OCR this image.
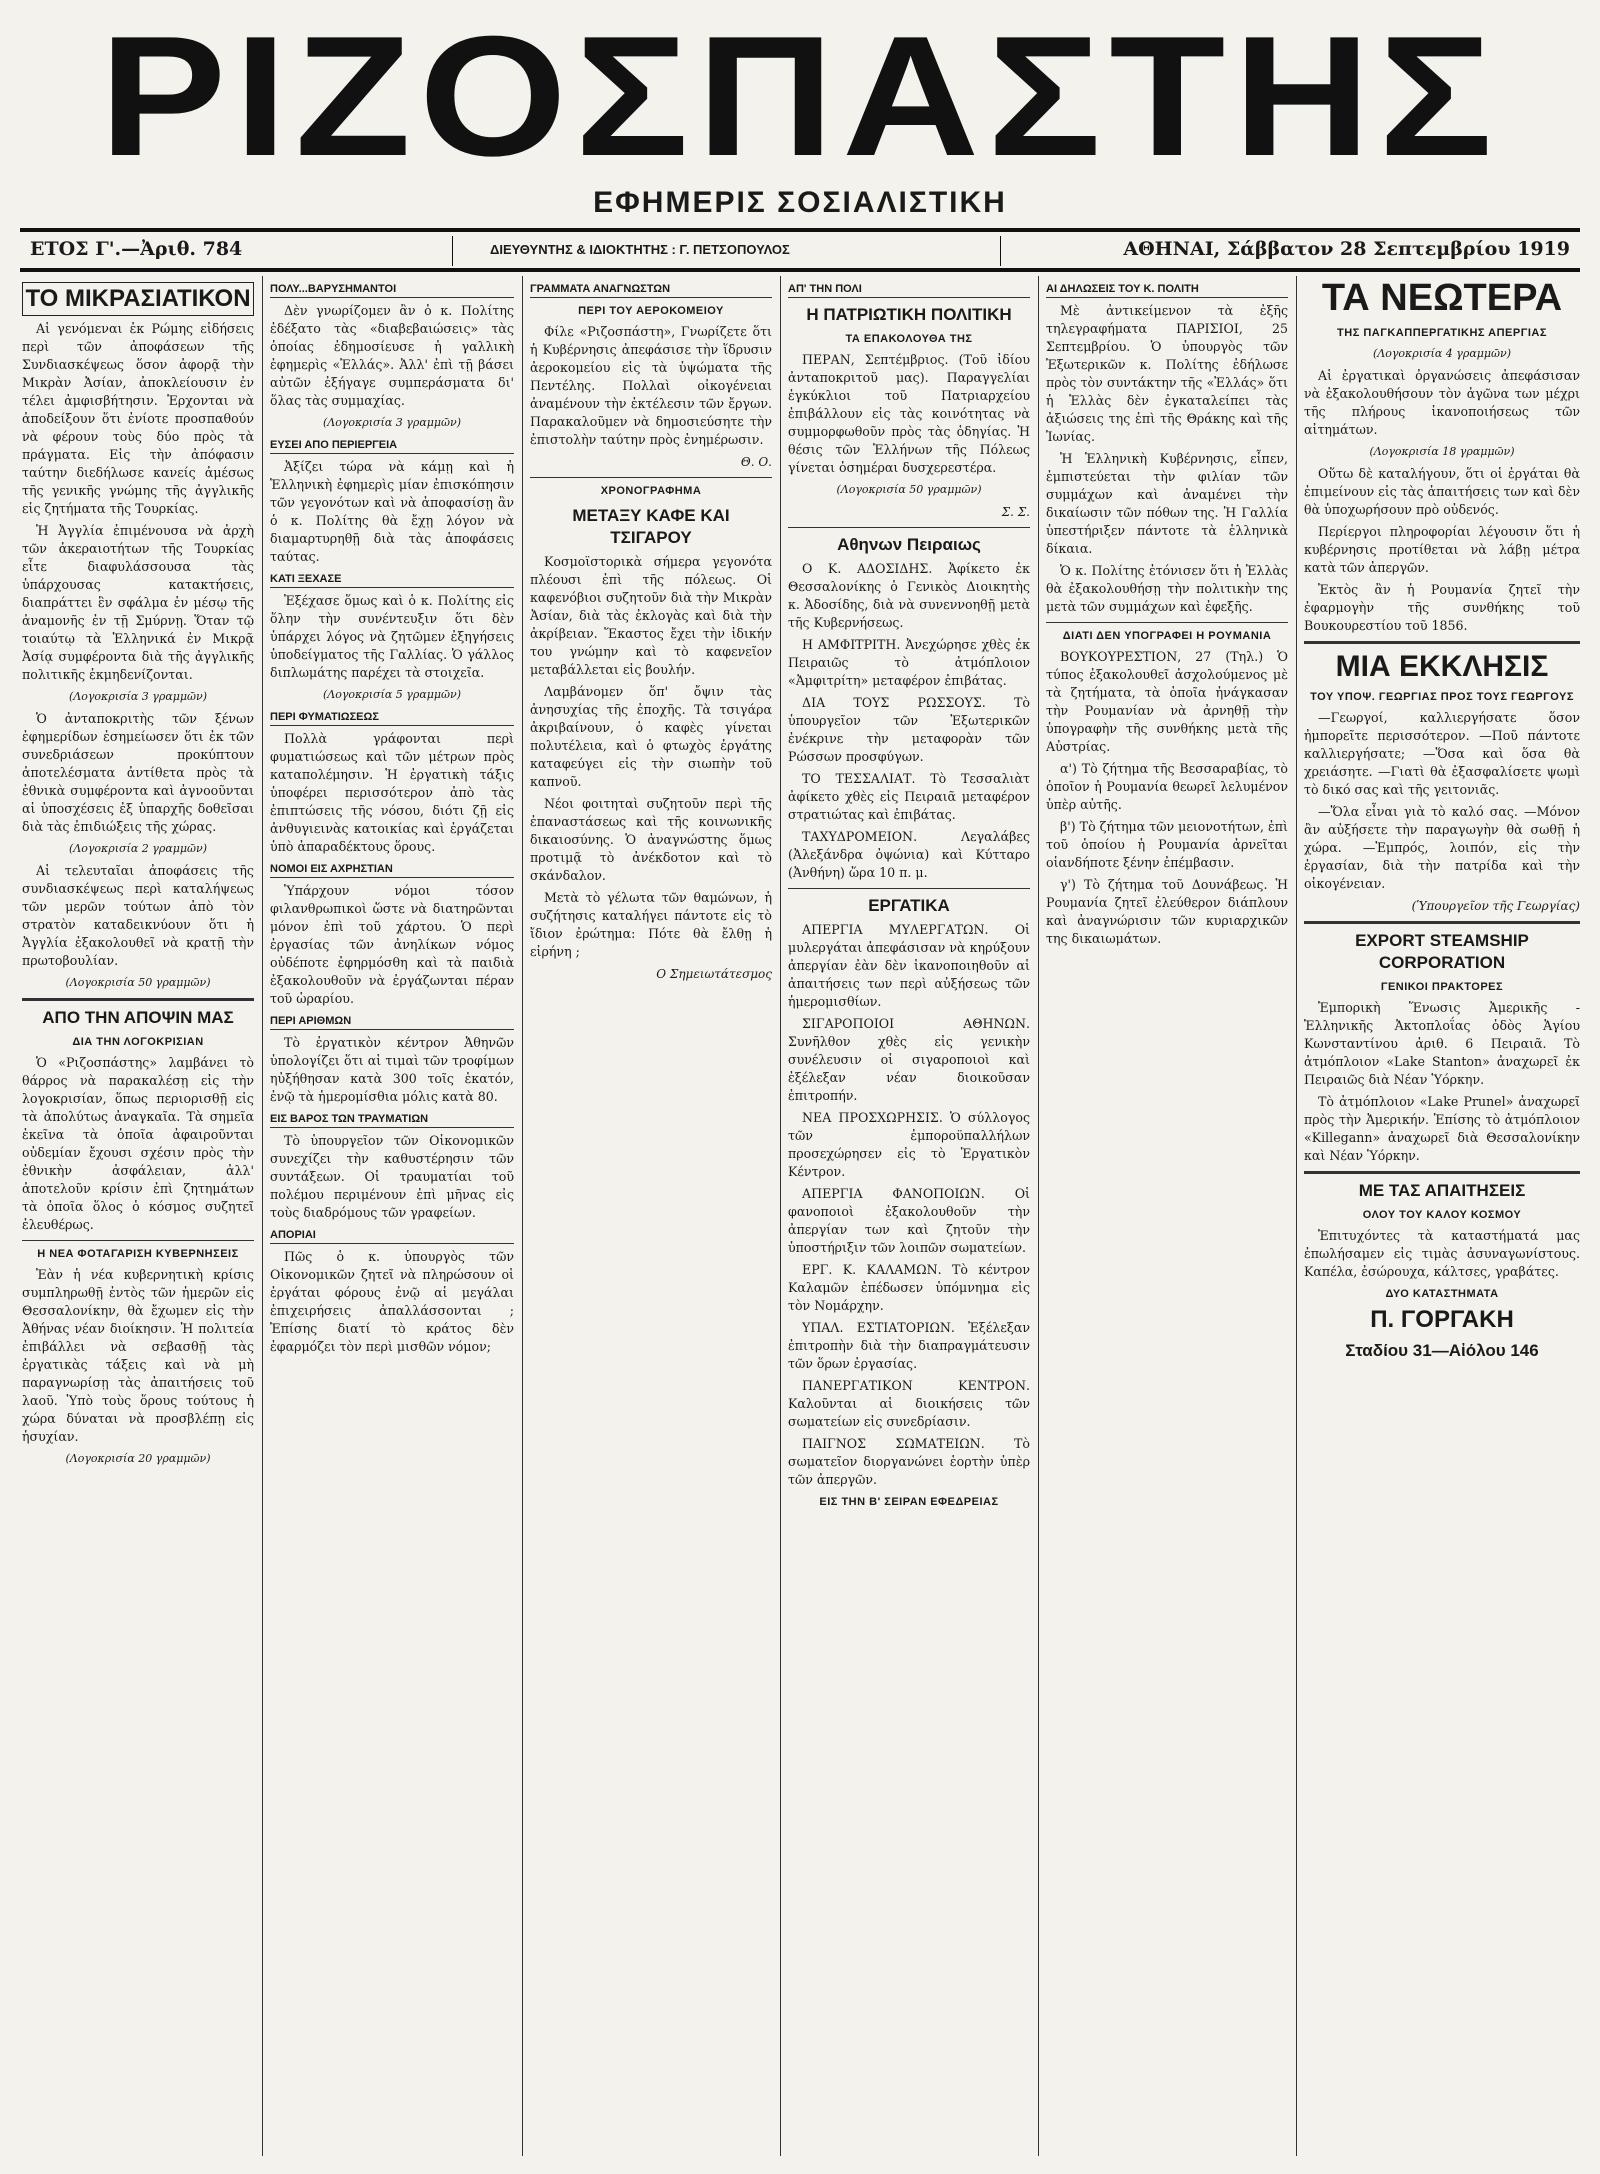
ΡΙΖΟΣΠΑΣΤΗΣ
ΕΦΗΜΕΡΙΣ ΣΟΣΙΑΛΙΣΤΙΚΗ
ΕΤΟΣ Γ'.—Ἀριθ. 784	ΔΙΕΥΘΥΝΤΗΣ & ΙΔΙΟΚΤΗΤΗΣ : Γ. ΠΕΤΣΟΠΟΥΛΟΣ	ΑΘΗΝΑΙ, Σάββατον 28 Σεπτεμβρίου 1919
ΤΟ ΜΙΚΡΑΣΙΑΤΙΚΟΝ

Αἱ γενόμεναι ἐκ Ρώμης εἰδήσεις περὶ τῶν ἀποφάσεων τῆς Συνδιασκέψεως ὅσον ἀφορᾷ τὴν Μικρὰν Ἀσίαν, ἀποκλείουσιν ἐν τέλει ἀμφισβήτησιν. Ἐρχονται νὰ ἀποδείξουν ὅτι ἐνίοτε προσπαθούν νὰ φέρουν τοὺς δύο πρὸς τὰ πράγματα. Εἰς τὴν ἀπόφασιν ταύτην διεδήλωσε κανείς ἀμέσως τῆς γενικῆς γνώμης τῆς ἀγγλικῆς εἰς ζητήματα τῆς Τουρκίας.

Ἡ Ἀγγλία ἐπιμένουσα νὰ ἀρχὴ τῶν ἀκεραιοτήτων τῆς Τουρκίας εἶτε διαφυλάσσουσα τὰς ὑπάρχουσας κατακτήσεις, διαπράττει ἓν σφάλμα ἐν μέσῳ τῆς ἀναμονῆς ἐν τῇ Σμύρνῃ. Ὅταν τῷ τοιαύτῳ τὰ Ἑλληνικά ἐν Μικρᾷ Ἀσίᾳ συμφέροντα διὰ τῆς ἀγγλικῆς πολιτικῆς ἐκμηδενίζονται.

(Λογοκρισία 3 γραμμῶν)

Ὁ ἀνταποκριτὴς τῶν ξένων ἐφημερίδων ἐσημείωσεν ὅτι ἐκ τῶν συνεδριάσεων προκύπτουν ἀποτελέσματα ἀντίθετα πρὸς τὰ ἐθνικὰ συμφέροντα καὶ ἀγνοοῦνται αἱ ὑποσχέσεις ἐξ ὑπαρχῆς δοθεῖσαι διὰ τὰς ἐπιδιώξεις τῆς χώρας.

(Λογοκρισία 2 γραμμῶν)

Αἱ τελευταῖαι ἀποφάσεις τῆς συνδιασκέψεως περὶ καταλήψεως τῶν μερῶν τούτων ἀπὸ τὸν στρατὸν καταδεικνύουν ὅτι ἡ Ἀγγλία ἐξακολουθεῖ νὰ κρατῇ τὴν πρωτοβουλίαν.

(Λογοκρισία 50 γραμμῶν)

ΑΠΟ ΤΗΝ ΑΠΟΨΙΝ ΜΑΣ
ΔΙΑ ΤΗΝ ΛΟΓΟΚΡΙΣΙΑΝ

Ὁ «Ριζοσπάστης» λαμβάνει τὸ θάρρος νὰ παρακαλέσῃ εἰς τὴν λογοκρισίαν, ὅπως περιορισθῇ εἰς τὰ ἀπολύτως ἀναγκαῖα. Τὰ σημεῖα ἐκεῖνα τὰ ὁποῖα ἀφαιροῦνται οὐδεμίαν ἔχουσι σχέσιν πρὸς τὴν ἐθνικὴν ἀσφάλειαν, ἀλλ' ἀποτελοῦν κρίσιν ἐπὶ ζητημάτων τὰ ὁποῖα ὅλος ὁ κόσμος συζητεῖ ἐλευθέρως.

Η ΝΕΑ ΦΟΤΑΓΑΡΙΣΗ ΚΥΒΕΡΝΗΣΕΙΣ

Ἐὰν ἡ νέα κυβερνητικὴ κρίσις συμπληρωθῇ ἐντὸς τῶν ἡμερῶν εἰς Θεσσαλονίκην, θὰ ἔχωμεν εἰς τὴν Ἀθήνας νέαν διοίκησιν. Ἡ πολιτεία ἐπιβάλλει νὰ σεβασθῇ τὰς ἐργατικὰς τάξεις καὶ νὰ μὴ παραγνωρίσῃ τὰς ἀπαιτήσεις τοῦ λαοῦ. Ὑπὸ τοὺς ὅρους τούτους ἡ χώρα δύναται νὰ προσβλέπῃ εἰς ἡσυχίαν.

(Λογοκρισία 20 γραμμῶν)

ΠΟΛΥ...ΒΑΡΥΣΗΜΑΝΤΟΙ

Δὲν γνωρίζομεν ἂν ὁ κ. Πολίτης ἐδέξατο τὰς «διαβεβαιώσεις» τὰς ὁποίας ἐδημοσίευσε ἡ γαλλικὴ ἐφημερὶς «Ἐλλάς». Ἀλλ' ἐπὶ τῇ βάσει αὐτῶν ἐξήγαγε συμπεράσματα δι' ὅλας τὰς συμμαχίας.

(Λογοκρισία 3 γραμμῶν)

ΕΥΣΕΙ ΑΠΟ ΠΕΡΙΕΡΓΕΙΑ

Ἀξίζει τώρα νὰ κάμῃ καὶ ἡ Ἑλληνικὴ ἐφημερὶς μίαν ἐπισκόπησιν τῶν γεγονότων καὶ νὰ ἀποφασίσῃ ἂν ὁ κ. Πολίτης θὰ ἔχῃ λόγον νὰ διαμαρτυρηθῇ διὰ τὰς ἀποφάσεις ταύτας.

ΚΑΤΙ ΞΕΧΑΣΕ

Ἐξέχασε ὅμως καὶ ὁ κ. Πολίτης εἰς ὅλην τὴν συνέντευξιν ὅτι δὲν ὑπάρχει λόγος νὰ ζητῶμεν ἐξηγήσεις ὑποδείγματος τῆς Γαλλίας. Ὁ γάλλος διπλωμάτης παρέχει τὰ στοιχεῖα.

(Λογοκρισία 5 γραμμῶν)

ΠΕΡΙ ΦΥΜΑΤΙΩΣΕΩΣ

Πολλὰ γράφονται περὶ φυματιώσεως καὶ τῶν μέτρων πρὸς καταπολέμησιν. Ἡ ἐργατικὴ τάξις ὑποφέρει περισσότερον ἀπὸ τὰς ἐπιπτώσεις τῆς νόσου, διότι ζῇ εἰς ἀνθυγιεινὰς κατοικίας καὶ ἐργάζεται ὑπὸ ἀπαραδέκτους ὅρους.

ΝΟΜΟΙ ΕΙΣ ΑΧΡΗΣΤΙΑΝ

Ὑπάρχουν νόμοι τόσον φιλανθρωπικοὶ ὥστε νὰ διατηρῶνται μόνον ἐπὶ τοῦ χάρτου. Ὁ περὶ ἐργασίας τῶν ἀνηλίκων νόμος οὐδέποτε ἐφηρμόσθη καὶ τὰ παιδιὰ ἐξακολουθοῦν νὰ ἐργάζωνται πέραν τοῦ ὡραρίου.

ΠΕΡΙ ΑΡΙΘΜΩΝ

Τὸ ἐργατικὸν κέντρον Ἀθηνῶν ὑπολογίζει ὅτι αἱ τιμαὶ τῶν τροφίμων ηὐξήθησαν κατὰ 300 τοῖς ἑκατόν, ἐνῷ τὰ ἡμερομίσθια μόλις κατὰ 80.

ΕΙΣ ΒΑΡΟΣ ΤΩΝ ΤΡΑΥΜΑΤΙΩΝ

Τὸ ὑπουργεῖον τῶν Οἰκονομικῶν συνεχίζει τὴν καθυστέρησιν τῶν συντάξεων. Οἱ τραυματίαι τοῦ πολέμου περιμένουν ἐπὶ μῆνας εἰς τοὺς διαδρόμους τῶν γραφείων.

ΑΠΟΡΙΑΙ

Πῶς ὁ κ. ὑπουργὸς τῶν Οἰκονομικῶν ζητεῖ νὰ πληρώσουν οἱ ἐργάται φόρους ἐνῷ αἱ μεγάλαι ἐπιχειρήσεις ἀπαλλάσσονται ; Ἐπίσης διατί τὸ κράτος δὲν ἐφαρμόζει τὸν περὶ μισθῶν νόμον;

ΓΡΑΜΜΑΤΑ ΑΝΑΓΝΩΣΤΩΝ
ΠΕΡΙ ΤΟΥ ΑΕΡΟΚΟΜΕΙΟΥ

Φίλε «Ριζοσπάστη», Γνωρίζετε ὅτι ἡ Κυβέρνησις ἀπεφάσισε τὴν ἵδρυσιν ἀεροκομείου εἰς τὰ ὑψώματα τῆς Πεντέλης. Πολλαὶ οἰκογένειαι ἀναμένουν τὴν ἐκτέλεσιν τῶν ἔργων. Παρακαλοῦμεν νὰ δημοσιεύσητε τὴν ἐπιστολὴν ταύτην πρὸς ἐνημέρωσιν.

Θ. Ο.

ΧΡΟΝΟΓΡΑΦΗΜΑ
ΜΕΤΑΞΥ ΚΑΦΕ ΚΑΙ ΤΣΙΓΑΡΟΥ

Κοσμοϊστορικὰ σήμερα γεγονότα πλέουσι ἐπὶ τῆς πόλεως. Οἱ καφενόβιοι συζητοῦν διὰ τὴν Μικρὰν Ἀσίαν, διὰ τὰς ἐκλογὰς καὶ διὰ τὴν ἀκρίβειαν. Ἕκαστος ἔχει τὴν ἰδικήν του γνώμην καὶ τὸ καφενεῖον μεταβάλλεται εἰς βουλήν.

Λαμβάνομεν ὅπ' ὄψιν τὰς ἀνησυχίας τῆς ἐποχῆς. Τὰ τσιγάρα ἀκριβαίνουν, ὁ καφὲς γίνεται πολυτέλεια, καὶ ὁ φτωχὸς ἐργάτης καταφεύγει εἰς τὴν σιωπὴν τοῦ καπνοῦ.

Νέοι φοιτηταὶ συζητοῦν περὶ τῆς ἐπαναστάσεως καὶ τῆς κοινωνικῆς δικαιοσύνης. Ὁ ἀναγνώστης ὅμως προτιμᾷ τὸ ἀνέκδοτον καὶ τὸ σκάνδαλον.

Μετὰ τὸ γέλωτα τῶν θαμώνων, ἡ συζήτησις καταλήγει πάντοτε εἰς τὸ ἴδιον ἐρώτημα: Πότε θὰ ἔλθῃ ἡ εἰρήνη ;

Ο Σημειωτάτεσμος

ΑΠ' ΤΗΝ ΠΟΛΙ
Η ΠΑΤΡΙΩΤΙΚΗ ΠΟΛΙΤΙΚΗ
ΤΑ ΕΠΑΚΟΛΟΥΘΑ ΤΗΣ

ΠΕΡΑΝ, Σεπτέμβριος. (Τοῦ ἰδίου ἀνταποκριτοῦ μας). Παραγγελίαι ἐγκύκλιοι τοῦ Πατριαρχείου ἐπιβάλλουν εἰς τὰς κοινότητας νὰ συμμορφωθοῦν πρὸς τὰς ὁδηγίας. Ἡ θέσις τῶν Ἑλλήνων τῆς Πόλεως γίνεται ὁσημέραι δυσχερεστέρα.

(Λογοκρισία 50 γραμμῶν)

Σ. Σ.

Αθηνων Πειραιως

Ο Κ. ΑΔΟΣΙΔΗΣ. Ἀφίκετο ἐκ Θεσσαλονίκης ὁ Γενικὸς Διοικητὴς κ. Ἀδοσίδης, διὰ νὰ συνεννοηθῇ μετὰ τῆς Κυβερνήσεως.

Η ΑΜΦΙΤΡΙΤΗ. Ἀνεχώρησε χθὲς ἐκ Πειραιῶς τὸ ἀτμόπλοιον «Ἀμφιτρίτη» μεταφέρον ἐπιβάτας.

ΔΙΑ ΤΟΥΣ ΡΩΣΣΟΥΣ. Τὸ ὑπουργεῖον τῶν Ἐξωτερικῶν ἐνέκρινε τὴν μεταφορὰν τῶν Ρώσσων προσφύγων.

ΤΟ ΤΕΣΣΑΛΙΑΤ. Τὸ Τεσσαλιὰτ ἀφίκετο χθὲς εἰς Πειραιᾶ μεταφέρον στρατιώτας καὶ ἐπιβάτας.

ΤΑΧΥΔΡΟΜΕΙΟΝ. Λεγαλάβες (Ἀλεξάνδρα ὀψώνια) καὶ Κύτταρο (Ἀνθήνη) ὥρα 10 π. μ.

ΕΡΓΑΤΙΚΑ

ΑΠΕΡΓΙΑ ΜΥΛΕΡΓΑΤΩΝ. Οἱ μυλεργάται ἀπεφάσισαν νὰ κηρύξουν ἀπεργίαν ἐὰν δὲν ἱκανοποιηθοῦν αἱ ἀπαιτήσεις των περὶ αὐξήσεως τῶν ἡμερομισθίων.

ΣΙΓΑΡΟΠΟΙΟΙ ΑΘΗΝΩΝ. Συνῆλθον χθὲς εἰς γενικὴν συνέλευσιν οἱ σιγαροποιοὶ καὶ ἐξέλεξαν νέαν διοικοῦσαν ἐπιτροπήν.

ΝΕΑ ΠΡΟΣΧΩΡΗΣΙΣ. Ὁ σύλλογος τῶν ἐμποροϋπαλλήλων προσεχώρησεν εἰς τὸ Ἐργατικὸν Κέντρον.

ΑΠΕΡΓΙΑ ΦΑΝΟΠΟΙΩΝ. Οἱ φανοποιοὶ ἐξακολουθοῦν τὴν ἀπεργίαν των καὶ ζητοῦν τὴν ὑποστήριξιν τῶν λοιπῶν σωματείων.

ΕΡΓ. Κ. ΚΑΛΑΜΩΝ. Τὸ κέντρον Καλαμῶν ἐπέδωσεν ὑπόμνημα εἰς τὸν Νομάρχην.

ΥΠΑΛ. ΕΣΤΙΑΤΟΡΙΩΝ. Ἐξέλεξαν ἐπιτροπὴν διὰ τὴν διαπραγμάτευσιν τῶν ὅρων ἐργασίας.

ΠΑΝΕΡΓΑΤΙΚΟΝ ΚΕΝΤΡΟΝ. Καλοῦνται αἱ διοικήσεις τῶν σωματείων εἰς συνεδρίασιν.

ΠΑΙΓΝΟΣ ΣΩΜΑΤΕΙΩΝ. Τὸ σωματεῖον διοργανώνει ἑορτὴν ὑπὲρ τῶν ἀπεργῶν.

ΕΙΣ ΤΗΝ Β' ΣΕΙΡΑΝ ΕΦΕΔΡΕΙΑΣ
ΑΙ ΔΗΛΩΣΕΙΣ ΤΟΥ Κ. ΠΟΛΙΤΗ

Μὲ ἀντικείμενον τὰ ἐξῆς τηλεγραφήματα ΠΑΡΙΣΙΟΙ, 25 Σεπτεμβρίου. Ὁ ὑπουργὸς τῶν Ἐξωτερικῶν κ. Πολίτης ἐδήλωσε πρὸς τὸν συντάκτην τῆς «Ἐλλάς» ὅτι ἡ Ἑλλὰς δὲν ἐγκαταλείπει τὰς ἀξιώσεις της ἐπὶ τῆς Θράκης καὶ τῆς Ἰωνίας.

Ἡ Ἑλληνικὴ Κυβέρνησις, εἶπεν, ἐμπιστεύεται τὴν φιλίαν τῶν συμμάχων καὶ ἀναμένει τὴν δικαίωσιν τῶν πόθων της. Ἡ Γαλλία ὑπεστήριξεν πάντοτε τὰ ἑλληνικὰ δίκαια.

Ὁ κ. Πολίτης ἐτόνισεν ὅτι ἡ Ἑλλὰς θὰ ἐξακολουθήσῃ τὴν πολιτικὴν της μετὰ τῶν συμμάχων καὶ ἐφεξῆς.

ΔΙΑΤΙ ΔΕΝ ΥΠΟΓΡΑΦΕΙ Η ΡΟΥΜΑΝΙΑ

ΒΟΥΚΟΥΡΕΣΤΙΟΝ, 27 (Τηλ.) Ὁ τύπος ἐξακολουθεῖ ἀσχολούμενος μὲ τὰ ζητήματα, τὰ ὁποῖα ἠνάγκασαν τὴν Ρουμανίαν νὰ ἀρνηθῇ τὴν ὑπογραφὴν τῆς συνθήκης μετὰ τῆς Αὐστρίας.

α') Τὸ ζήτημα τῆς Βεσσαραβίας, τὸ ὁποῖον ἡ Ρουμανία θεωρεῖ λελυμένον ὑπὲρ αὐτῆς.

β') Τὸ ζήτημα τῶν μειονοτήτων, ἐπὶ τοῦ ὁποίου ἡ Ρουμανία ἀρνεῖται οἱανδήποτε ξένην ἐπέμβασιν.

γ') Τὸ ζήτημα τοῦ Δουνάβεως. Ἡ Ρουμανία ζητεῖ ἐλεύθερον διάπλουν καὶ ἀναγνώρισιν τῶν κυριαρχικῶν της δικαιωμάτων.

ΤΑ ΝΕΩΤΕΡΑ
ΤΗΣ ΠΑΓΚΑΠΠΕΡΓΑΤΙΚΗΣ ΑΠΕΡΓΙΑΣ

(Λογοκρισία 4 γραμμῶν)

Αἱ ἐργατικαὶ ὀργανώσεις ἀπεφάσισαν νὰ ἐξακολουθήσουν τὸν ἀγῶνα των μέχρι τῆς πλήρους ἱκανοποιήσεως τῶν αἰτημάτων.

(Λογοκρισία 18 γραμμῶν)

Οὕτω δὲ καταλήγουν, ὅτι οἱ ἐργάται θὰ ἐπιμείνουν εἰς τὰς ἀπαιτήσεις των καὶ δὲν θὰ ὑποχωρήσουν πρὸ οὐδενός.

Περίεργοι πληροφορίαι λέγουσιν ὅτι ἡ κυβέρνησις προτίθεται νὰ λάβῃ μέτρα κατὰ τῶν ἀπεργῶν.

Ἐκτὸς ἂν ἡ Ρουμανία ζητεῖ τὴν ἐφαρμογὴν τῆς συνθήκης τοῦ Βουκουρεστίου τοῦ 1856.

ΜΙΑ ΕΚΚΛΗΣΙΣ
ΤΟΥ ΥΠΟΨ. ΓΕΩΡΓΙΑΣ ΠΡΟΣ ΤΟΥΣ ΓΕΩΡΓΟΥΣ

—Γεωργοί, καλλιεργήσατε ὅσον ἠμπορεῖτε περισσότερον. —Ποῦ πάντοτε καλλιεργήσατε; —Ὅσα καὶ ὅσα θὰ χρειάσητε. —Γιατὶ θὰ ἐξασφαλίσετε ψωμὶ τὸ δικό σας καὶ τῆς γειτονιᾶς.

—Ὅλα εἶναι γιὰ τὸ καλό σας. —Μόνον ἂν αὐξήσετε τὴν παραγωγὴν θὰ σωθῇ ἡ χώρα. —Ἐμπρός, λοιπόν, εἰς τὴν ἐργασίαν, διὰ τὴν πατρίδα καὶ τὴν οἰκογένειαν.

(Ὑπουργεῖον τῆς Γεωργίας)

EXPORT STEAMSHIP CORPORATION
ΓΕΝΙΚΟΙ ΠΡΑΚΤΟΡΕΣ

Ἐμπορικὴ Ἕνωσις Ἀμερικῆς - Ἑλληνικῆς Ἀκτοπλοΐας ὁδὸς Ἁγίου Κωνσταντίνου ἀριθ. 6 Πειραιᾶ. Τὸ ἀτμόπλοιον «Lake Stanton» ἀναχωρεῖ ἐκ Πειραιῶς διὰ Νέαν Ὑόρκην.

Τὸ ἀτμόπλοιον «Lake Prunel» ἀναχωρεῖ πρὸς τὴν Ἀμερικήν. Ἐπίσης τὸ ἀτμόπλοιον «Killegann» ἀναχωρεῖ διὰ Θεσσαλονίκην καὶ Νέαν Ὑόρκην.

ΜΕ ΤΑΣ ΑΠΑΙΤΗΣΕΙΣ
ΟΛΟΥ ΤΟΥ ΚΑΛΟΥ ΚΟΣΜΟΥ

Ἐπιτυχόντες τὰ καταστήματά μας ἐπωλήσαμεν εἰς τιμὰς ἀσυναγωνίστους. Καπέλα, ἐσώρουχα, κάλτσες, γραβάτες.

ΔΥΟ ΚΑΤΑΣΤΗΜΑΤΑ
Π. ΓΟΡΓΑΚΗ
Σταδίου 31—Αἰόλου 146
